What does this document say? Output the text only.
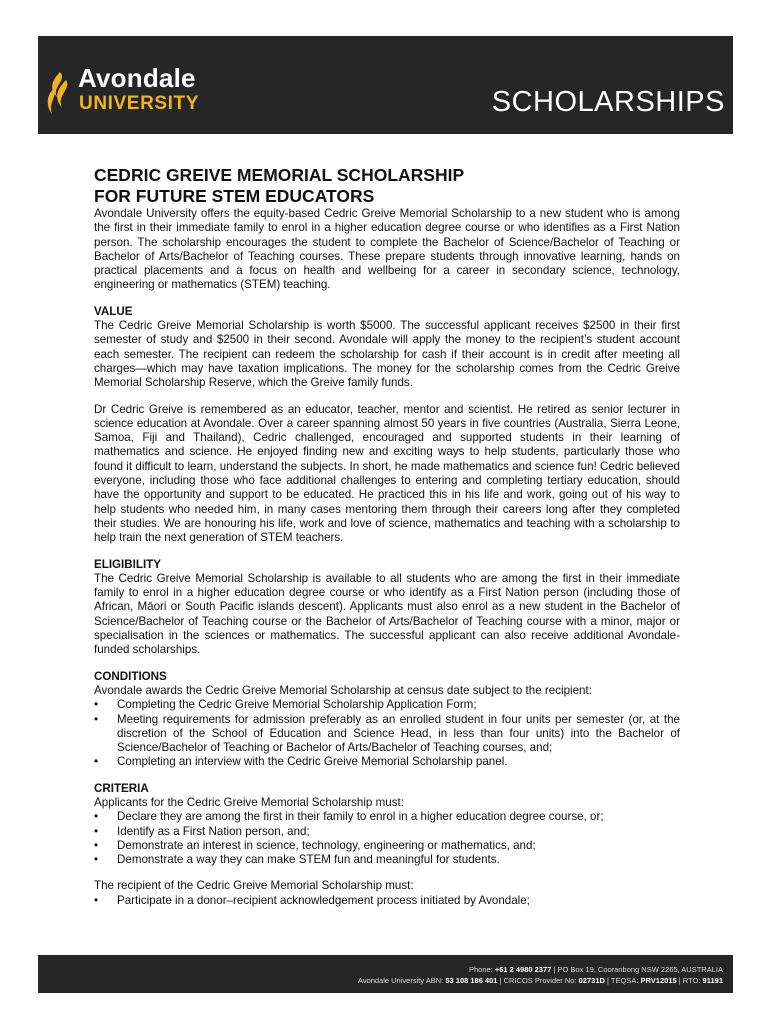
Avondale
UNIVERSITY	SCHOLARSHIPS
CEDRIC GREIVE MEMORIAL SCHOLARSHIP
FOR FUTURE STEM EDUCATORS

Avondale University offers the equity-based Cedric Greive Memorial Scholarship to a new student who is among the first in their immediate family to enrol in a higher education degree course or who identifies as a First Nation person. The scholarship encourages the student to complete the Bachelor of Science/Bachelor of Teaching or Bachelor of Arts/Bachelor of Teaching courses. These prepare students through innovative learning, hands on practical placements and a focus on health and wellbeing for a career in secondary science, technology, engineering or mathematics (STEM) teaching.

VALUE

The Cedric Greive Memorial Scholarship is worth $5000. The successful applicant receives $2500 in their first semester of study and $2500 in their second. Avondale will apply the money to the recipient’s student account each semester. The recipient can redeem the scholarship for cash if their account is in credit after meeting all charges—which may have taxation implications. The money for the scholarship comes from the Cedric Greive Memorial Scholarship Reserve, which the Greive family funds.

Dr Cedric Greive is remembered as an educator, teacher, mentor and scientist. He retired as senior lecturer in science education at Avondale. Over a career spanning almost 50 years in five countries (Australia, Sierra Leone, Samoa, Fiji and Thailand), Cedric challenged, encouraged and supported students in their learning of mathematics and science. He enjoyed finding new and exciting ways to help students, particularly those who found it difficult to learn, understand the subjects. In short, he made mathematics and science fun! Cedric believed everyone, including those who face additional challenges to entering and completing tertiary education, should have the opportunity and support to be educated. He practiced this in his life and work, going out of his way to help students who needed him, in many cases mentoring them through their careers long after they completed their studies. We are honouring his life, work and love of science, mathematics and teaching with a scholarship to help train the next generation of STEM teachers.

ELIGIBILITY

The Cedric Greive Memorial Scholarship is available to all students who are among the first in their immediate family to enrol in a higher education degree course or who identify as a First Nation person (including those of African, Māori or South Pacific islands descent). Applicants must also enrol as a new student in the Bachelor of Science/Bachelor of Teaching course or the Bachelor of Arts/Bachelor of Teaching course with a minor, major or specialisation in the sciences or mathematics. The successful applicant can also receive additional Avondale-funded scholarships.

CONDITIONS

Avondale awards the Cedric Greive Memorial Scholarship at census date subject to the recipient:

• Completing the Cedric Greive Memorial Scholarship Application Form;
• Meeting requirements for admission preferably as an enrolled student in four units per semester (or, at the discretion of the School of Education and Science Head, in less than four units) into the Bachelor of Science/Bachelor of Teaching or Bachelor of Arts/Bachelor of Teaching courses, and;
• Completing an interview with the Cedric Greive Memorial Scholarship panel.
CRITERIA

Applicants for the Cedric Greive Memorial Scholarship must:

• Declare they are among the first in their family to enrol in a higher education degree course, or;
• Identify as a First Nation person, and;
• Demonstrate an interest in science, technology, engineering or mathematics, and;
• Demonstrate a way they can make STEM fun and meaningful for students.

The recipient of the Cedric Greive Memorial Scholarship must:

• Participate in a donor–recipient acknowledgement process initiated by Avondale;
Phone: +61 2 4980 2377 | PO Box 19, Cooranbong NSW 2265, AUSTRALIA
Avondale University ABN: 53 108 186 401 | CRICOS Provider No: 02731D | TEQSA: PRV12015 | RTO: 91191
